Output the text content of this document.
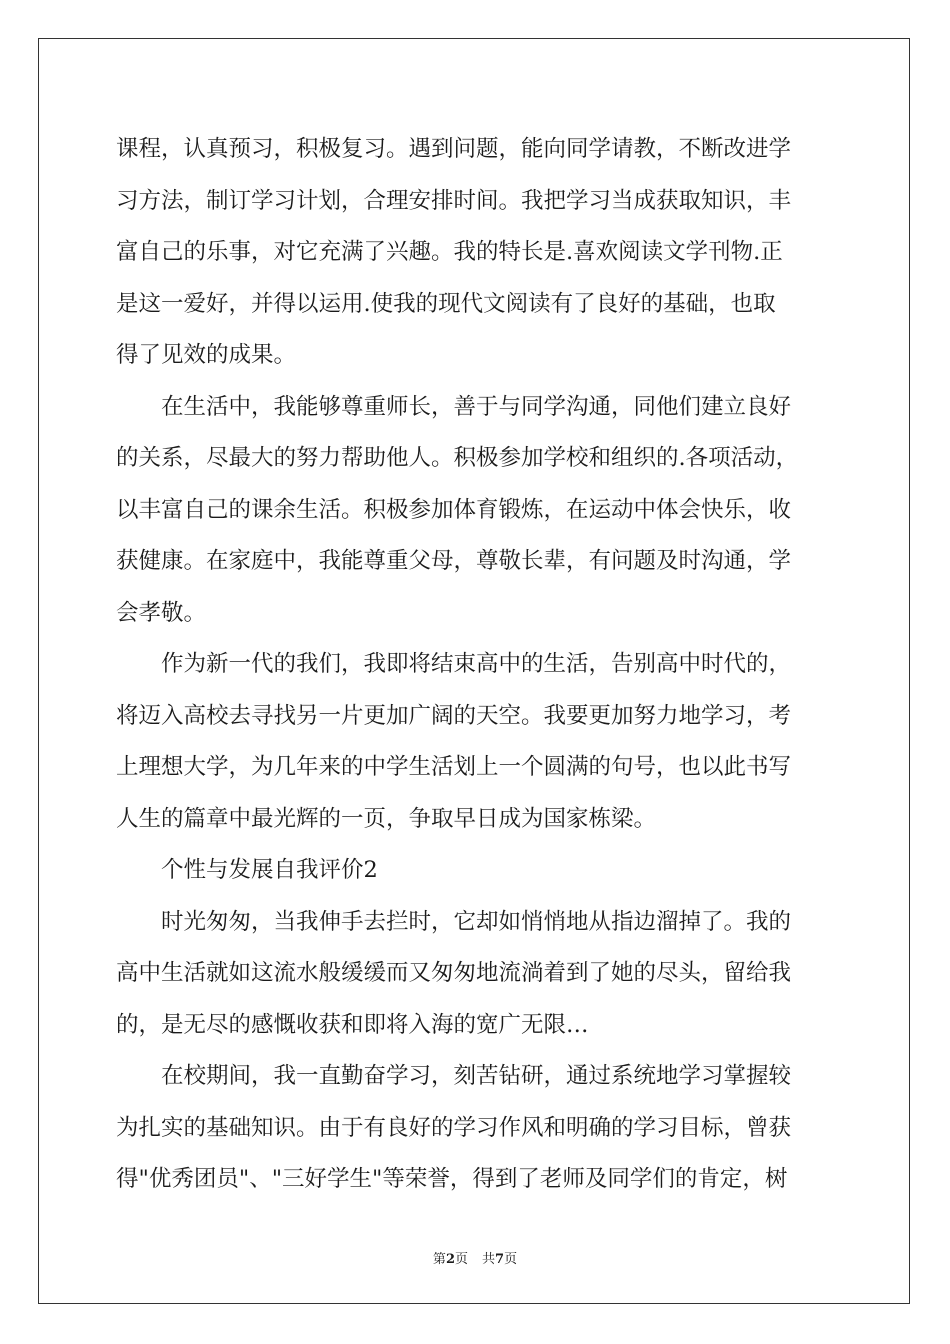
课程，认真预习，积极复习。遇到问题，能向同学请教，不断改进学
习方法，制订学习计划，合理安排时间。我把学习当成获取知识，丰
富自己的乐事，对它充满了兴趣。我的特长是.喜欢阅读文学刊物.正
是这一爱好，并得以运用.使我的现代文阅读有了良好的基础，也取
得了见效的成果。
在生活中，我能够尊重师长，善于与同学沟通，同他们建立良好
的关系，尽最大的努力帮助他人。积极参加学校和组织的.各项活动，
以丰富自己的课余生活。积极参加体育锻炼，在运动中体会快乐，收
获健康。在家庭中，我能尊重父母，尊敬长辈，有问题及时沟通，学
会孝敬。
作为新一代的我们，我即将结束高中的生活，告别高中时代的，
将迈入高校去寻找另一片更加广阔的天空。我要更加努力地学习，考
上理想大学，为几年来的中学生活划上一个圆满的句号，也以此书写
人生的篇章中最光辉的一页，争取早日成为国家栋梁。
个性与发展自我评价2
时光匆匆，当我伸手去拦时，它却如悄悄地从指边溜掉了。我的
高中生活就如这流水般缓缓而又匆匆地流淌着到了她的尽头，留给我
的，是无尽的感慨收获和即将入海的宽广无限…
在校期间，我一直勤奋学习，刻苦钻研，通过系统地学习掌握较
为扎实的基础知识。由于有良好的学习作风和明确的学习目标，曾获
得"优秀团员"、"三好学生"等荣誉，得到了老师及同学们的肯定，树
第2页 共7页
